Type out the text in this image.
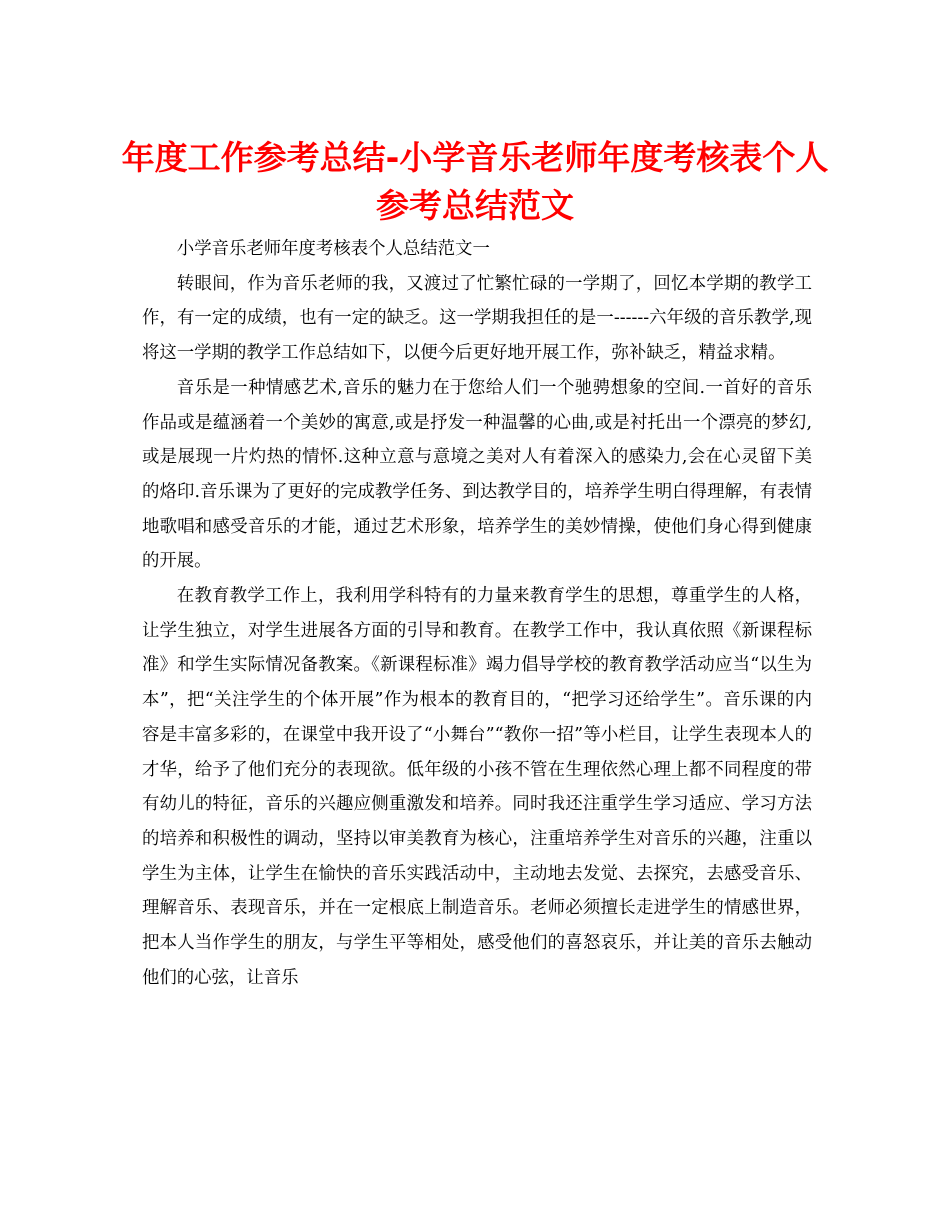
年度工作参考总结-小学音乐老师年度考核表个人参考总结范文

小学音乐老师年度考核表个人总结范文一

转眼间，作为音乐老师的我，又渡过了忙繁忙碌的一学期了，回忆本学期的教学工作，有一定的成绩，也有一定的缺乏。这一学期我担任的是一------六年级的音乐教学,现将这一学期的教学工作总结如下，以便今后更好地开展工作，弥补缺乏，精益求精。

音乐是一种情感艺术,音乐的魅力在于您给人们一个驰骋想象的空间.一首好的音乐作品或是蕴涵着一个美妙的寓意,或是抒发一种温馨的心曲,或是衬托出一个漂亮的梦幻,或是展现一片灼热的情怀.这种立意与意境之美对人有着深入的感染力,会在心灵留下美的烙印.音乐课为了更好的完成教学任务、到达教学目的，培养学生明白得理解，有表情地歌唱和感受音乐的才能，通过艺术形象，培养学生的美妙情操，使他们身心得到健康的开展。

在教育教学工作上，我利用学科特有的力量来教育学生的思想，尊重学生的人格，让学生独立，对学生进展各方面的引导和教育。在教学工作中，我认真依照《新课程标准》和学生实际情况备教案。《新课程标准》竭力倡导学校的教育教学活动应当“以生为本”，把“关注学生的个体开展”作为根本的教育目的，“把学习还给学生”。音乐课的内容是丰富多彩的，在课堂中我开设了“小舞台”“教你一招”等小栏目，让学生表现本人的才华，给予了他们充分的表现欲。低年级的小孩不管在生理依然心理上都不同程度的带有幼儿的特征，音乐的兴趣应侧重激发和培养。同时我还注重学生学习适应、学习方法的培养和积极性的调动，坚持以审美教育为核心，注重培养学生对音乐的兴趣，注重以学生为主体，让学生在愉快的音乐实践活动中，主动地去发觉、去探究，去感受音乐、理解音乐、表现音乐，并在一定根底上制造音乐。老师必须擅长走进学生的情感世界，把本人当作学生的朋友，与学生平等相处，感受他们的喜怒哀乐，并让美的音乐去触动他们的心弦，让音乐
